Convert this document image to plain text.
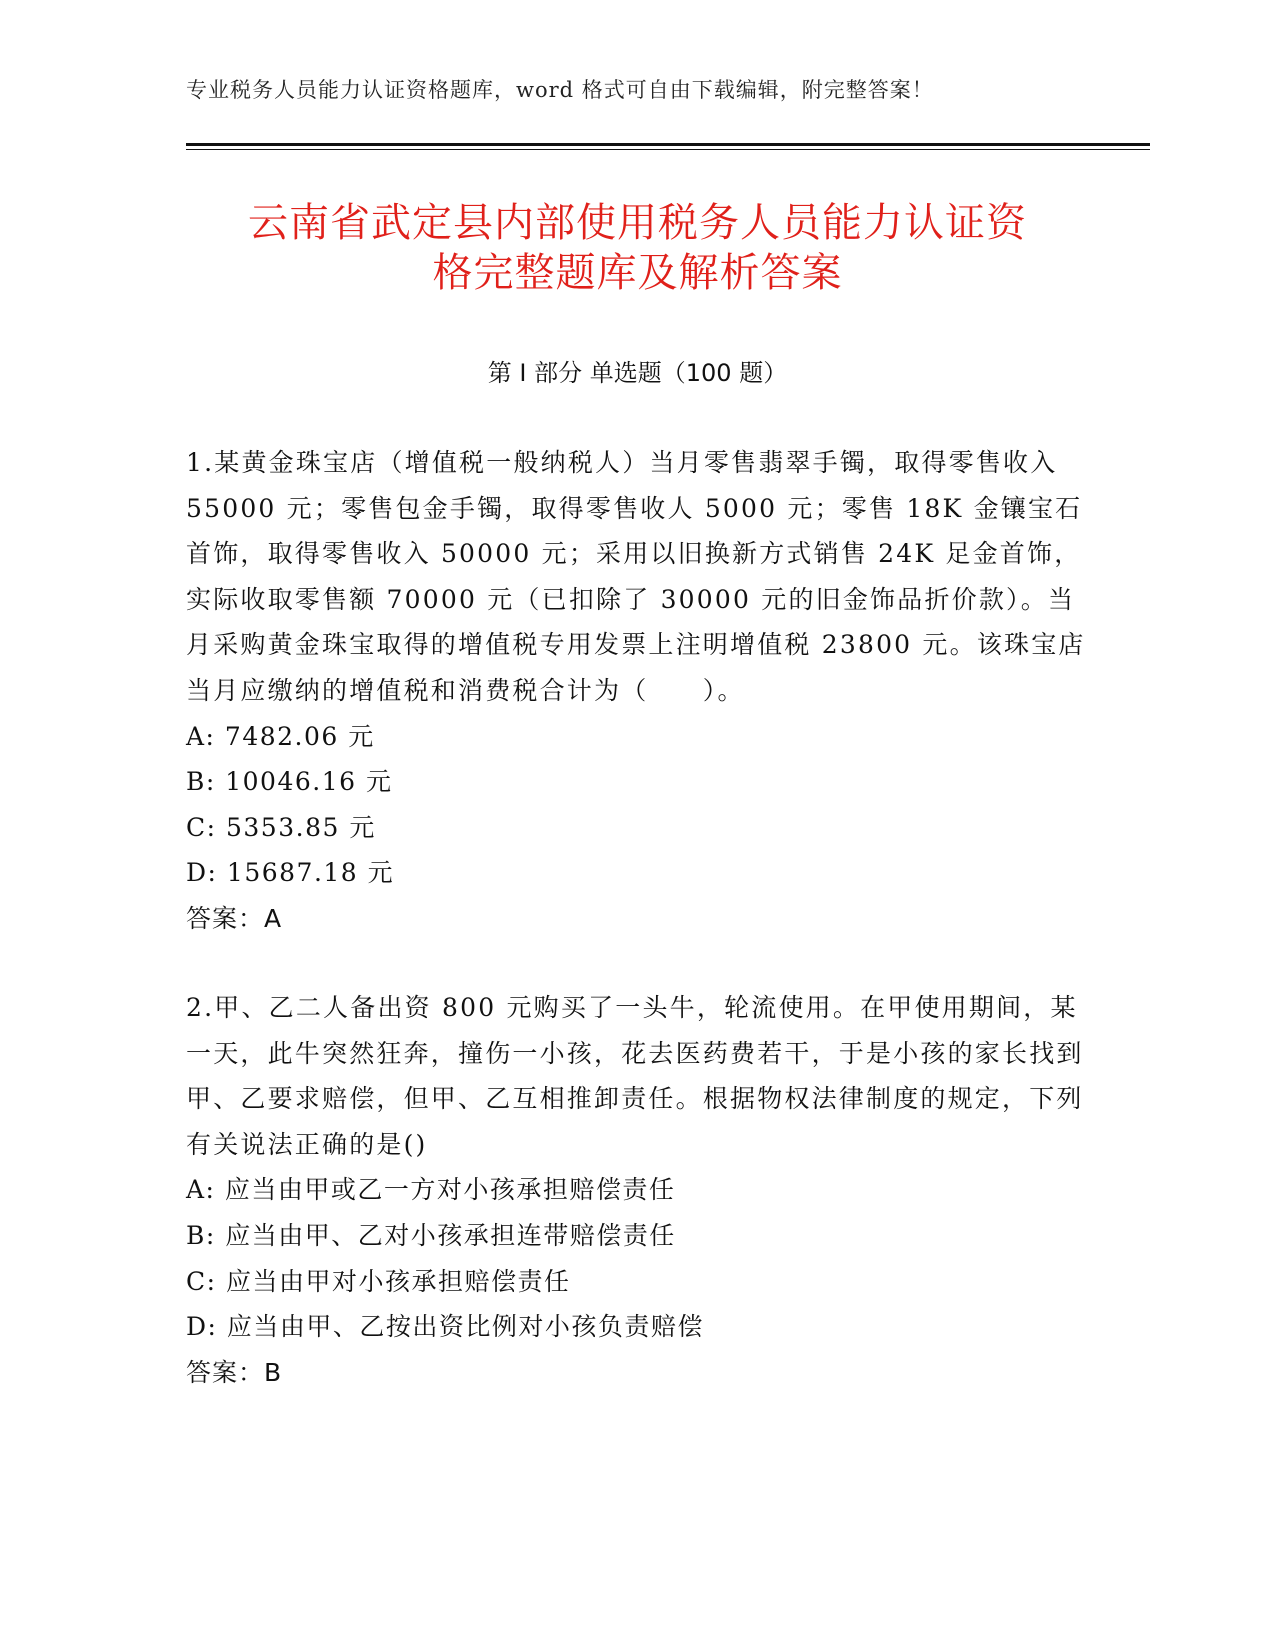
专业税务人员能力认证资格题库，word 格式可自由下载编辑，附完整答案！
云南省武定县内部使用税务人员能力认证资
格完整题库及解析答案
第 I 部分 单选题（100 题）
1.某黄金珠宝店（增值税一般纳税人）当月零售翡翠手镯，取得零售收入 55000 元；零售包金手镯，取得零售收人 5000 元；零售 18K 金镶宝石首饰，取得零售收入 50000 元；采用以旧换新方式销售 24K 足金首饰，实际收取零售额 70000 元（已扣除了 30000 元的旧金饰品折价款）。当月采购黄金珠宝取得的增值税专用发票上注明增值税 23800 元。该珠宝店当月应缴纳的增值税和消费税合计为（　　）。
A: 7482.06 元
B: 10046.16 元
C: 5353.85 元
D: 15687.18 元
答案：A
2.甲、乙二人备出资 800 元购买了一头牛，轮流使用。在甲使用期间，某一天，此牛突然狂奔，撞伤一小孩，花去医药费若干，于是小孩的家长找到甲、乙要求赔偿，但甲、乙互相推卸责任。根据物权法律制度的规定，下列有关说法正确的是()
A: 应当由甲或乙一方对小孩承担赔偿责任
B: 应当由甲、乙对小孩承担连带赔偿责任
C: 应当由甲对小孩承担赔偿责任
D: 应当由甲、乙按出资比例对小孩负责赔偿
答案：B
